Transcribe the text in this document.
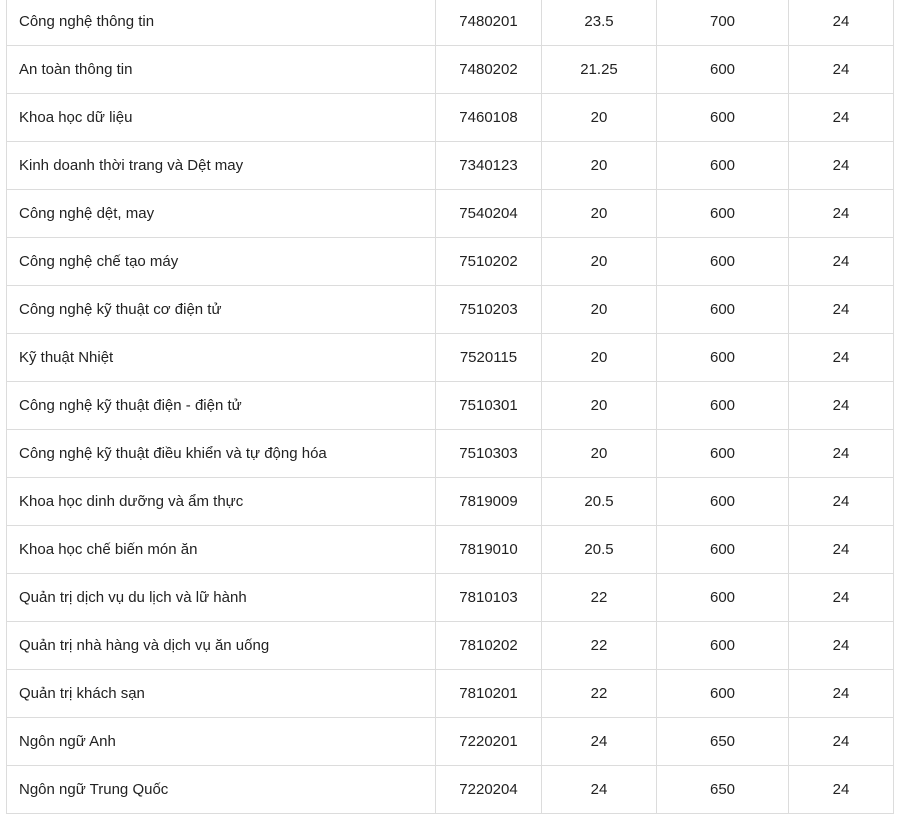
Công nghệ thông tin	7480201	23.5	700	24
An toàn thông tin	7480202	21.25	600	24
Khoa học dữ liệu	7460108	20	600	24
Kinh doanh thời trang và Dệt may	7340123	20	600	24
Công nghệ dệt, may	7540204	20	600	24
Công nghệ chế tạo máy	7510202	20	600	24
Công nghệ kỹ thuật cơ điện tử	7510203	20	600	24
Kỹ thuật Nhiệt	7520115	20	600	24
Công nghệ kỹ thuật điện - điện tử	7510301	20	600	24
Công nghệ kỹ thuật điều khiển và tự động hóa	7510303	20	600	24
Khoa học dinh dưỡng và ẩm thực	7819009	20.5	600	24
Khoa học chế biến món ăn	7819010	20.5	600	24
Quản trị dịch vụ du lịch và lữ hành	7810103	22	600	24
Quản trị nhà hàng và dịch vụ ăn uống	7810202	22	600	24
Quản trị khách sạn	7810201	22	600	24
Ngôn ngữ Anh	7220201	24	650	24
Ngôn ngữ Trung Quốc	7220204	24	650	24
